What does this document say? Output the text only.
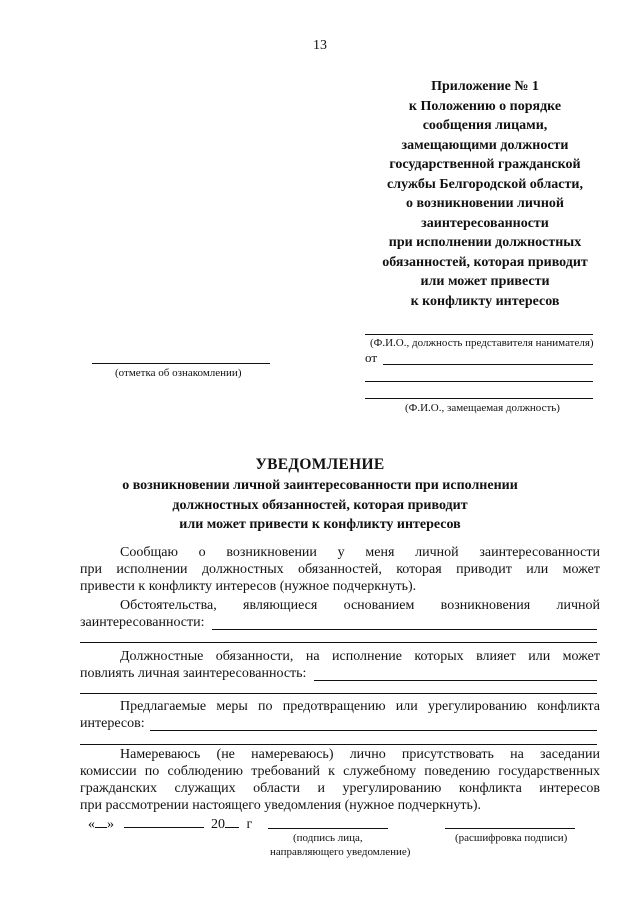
13
Приложение № 1
к Положению о порядке
сообщения лицами,
замещающими должности
государственной гражданской
службы Белгородской области,
о возникновении личной
заинтересованности
при исполнении должностных
обязанностей, которая приводит
или может привести
к конфликту интересов
(Ф.И.О., должность представителя нанимателя)
от
(Ф.И.О., замещаемая должность)
(отметка об ознакомлении)
УВЕДОМЛЕНИЕ
о возникновении личной заинтересованности при исполнении
должностных обязанностей, которая приводит
или может привести к конфликту интересов
Сообщаю о возникновении у меня личной заинтересованности
при исполнении должностных обязанностей, которая приводит или может
привести к конфликту интересов (нужное подчеркнуть).
Обстоятельства, являющиеся основанием возникновения личной
заинтересованности:
Должностные обязанности, на исполнение которых влияет или может
повлиять личная заинтересованность:
Предлагаемые меры по предотвращению или урегулированию конфликта
интересов:
Намереваюсь (не намереваюсь) лично присутствовать на заседании
комиссии по соблюдению требований к служебному поведению государственных
гражданских служащих области и урегулированию конфликта интересов
при рассмотрении настоящего уведомления (нужное подчеркнуть).
« »	20 г
(подпись лица,
направляющего уведомление)
(расшифровка подписи)
